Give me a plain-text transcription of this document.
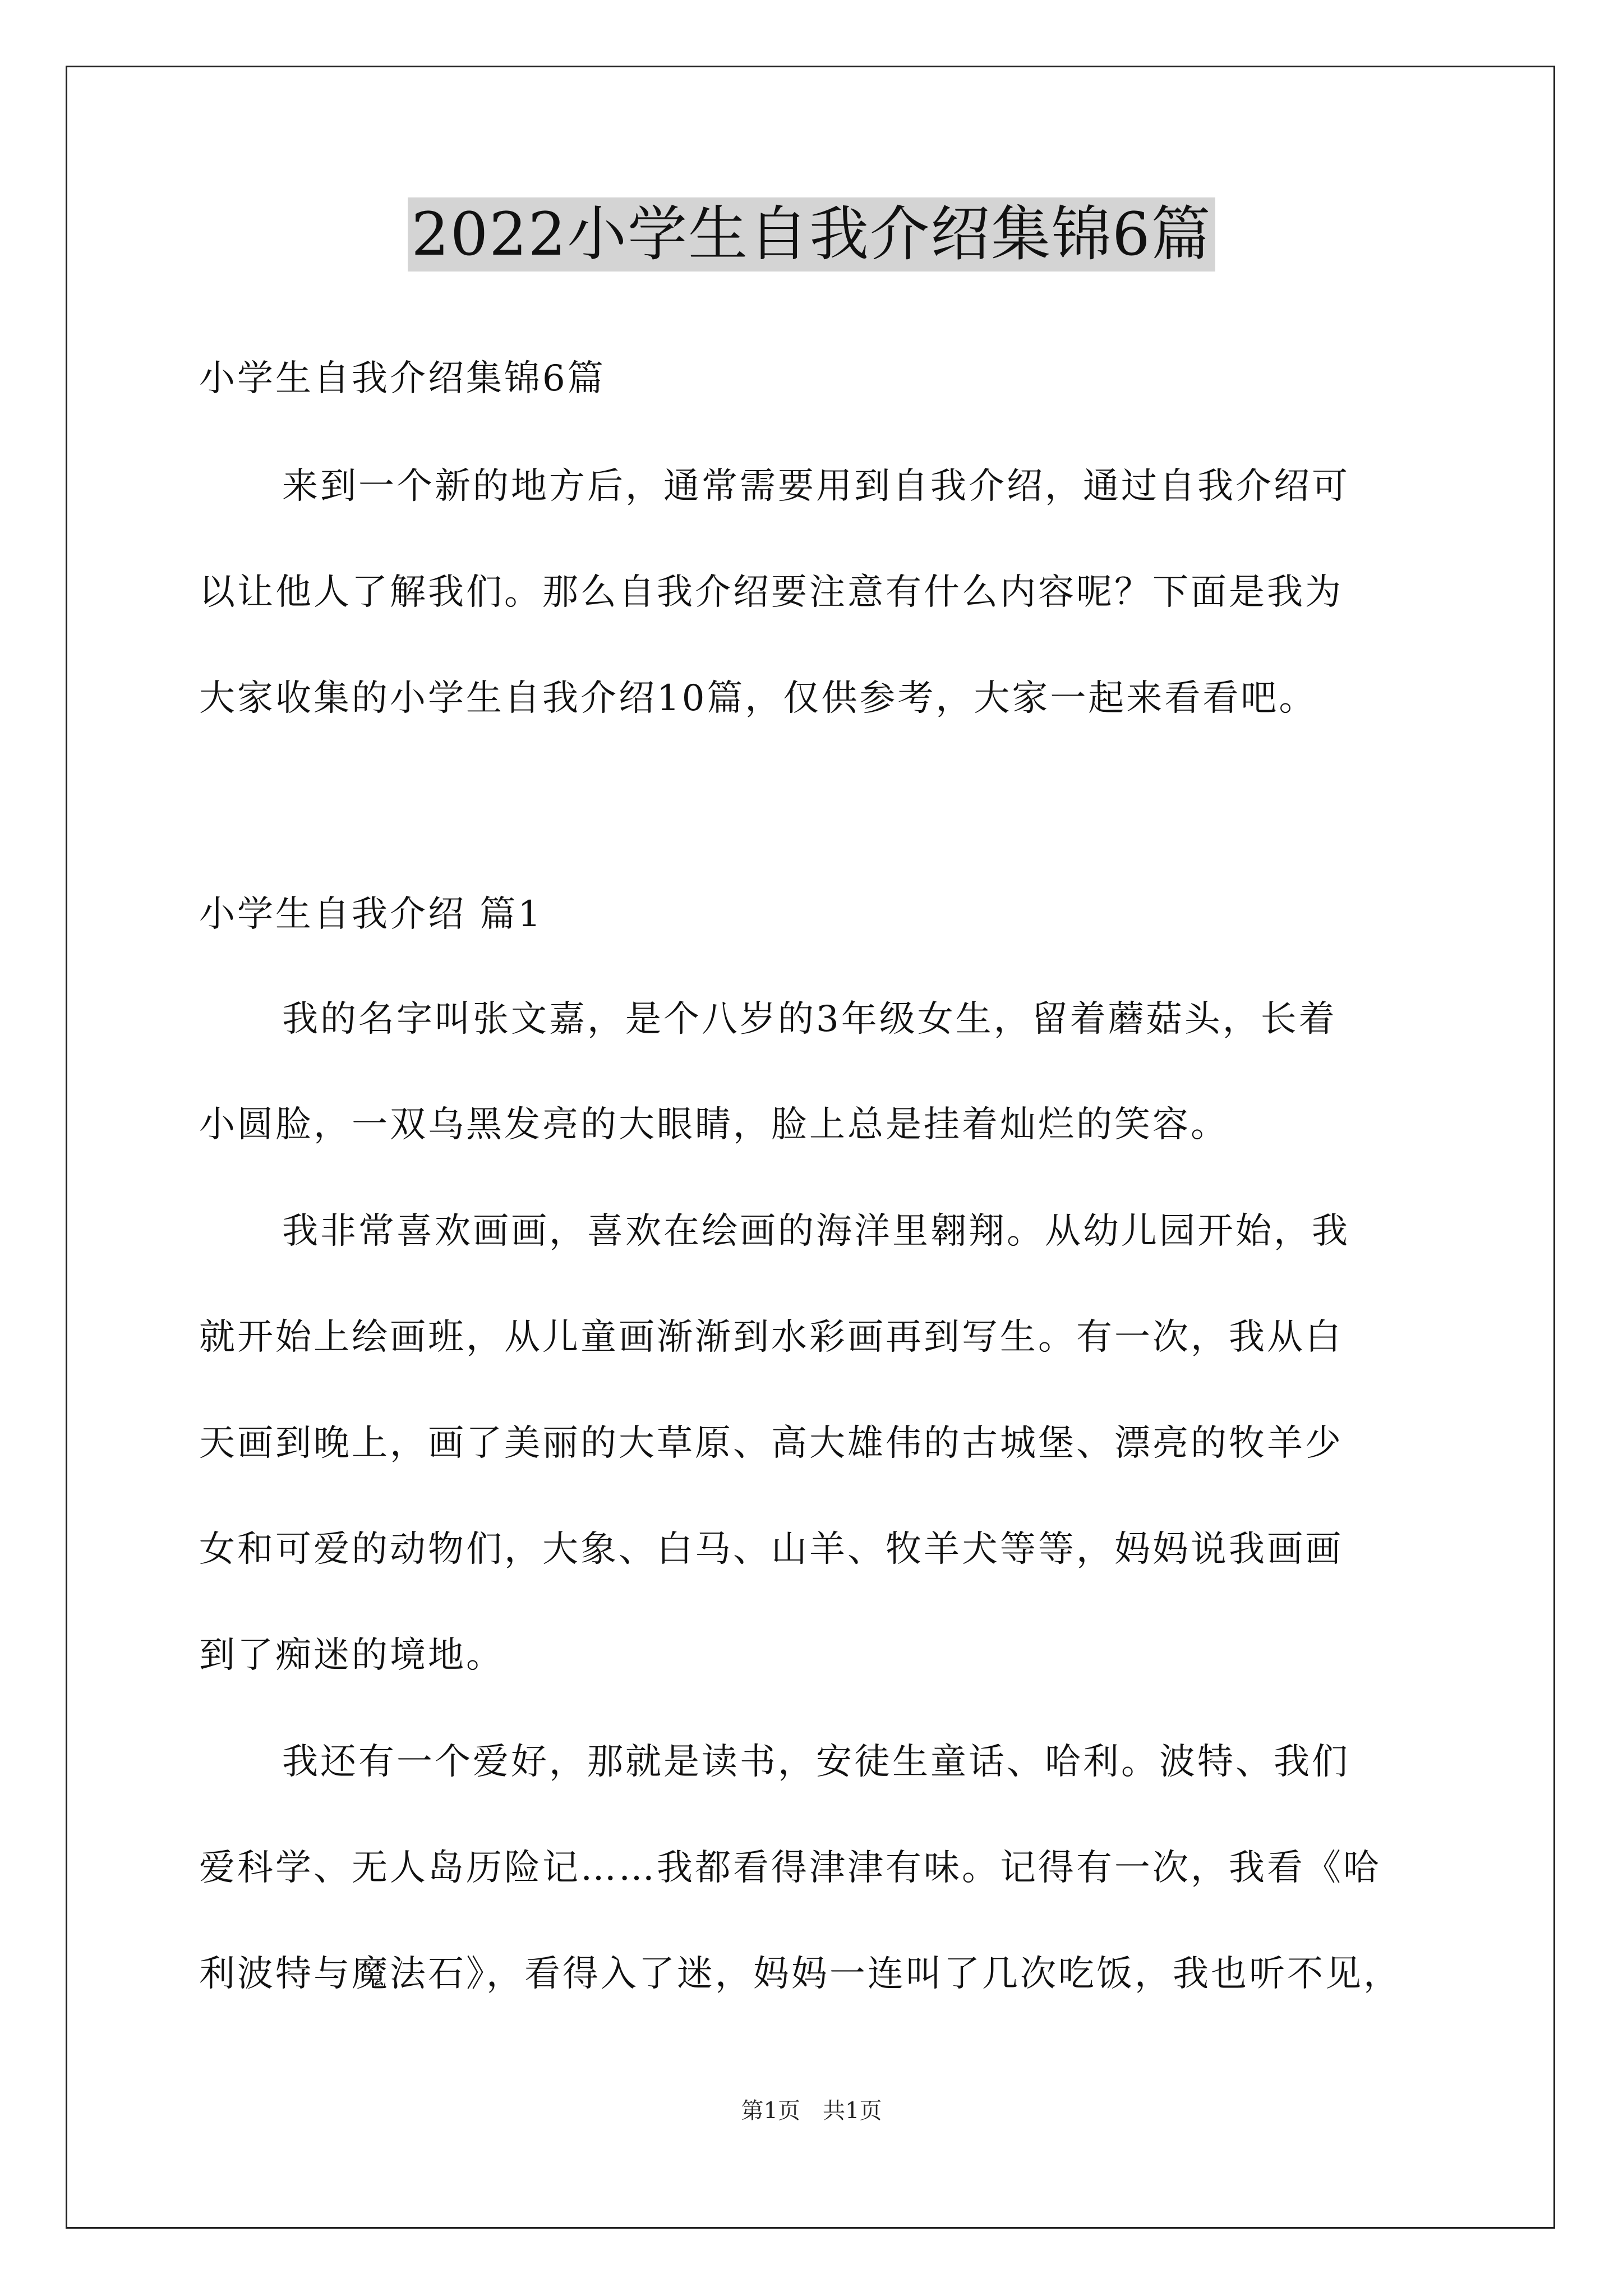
2022小学生自我介绍集锦6篇
小学生自我介绍集锦6篇
来到一个新的地方后，通常需要用到自我介绍，通过自我介绍可
以让他人了解我们。那么自我介绍要注意有什么内容呢？下面是我为
大家收集的小学生自我介绍10篇，仅供参考，大家一起来看看吧。
小学生自我介绍 篇1
我的名字叫张文嘉，是个八岁的3年级女生，留着蘑菇头，长着
小圆脸，一双乌黑发亮的大眼睛，脸上总是挂着灿烂的笑容。
我非常喜欢画画，喜欢在绘画的海洋里翱翔。从幼儿园开始，我
就开始上绘画班，从儿童画渐渐到水彩画再到写生。有一次，我从白
天画到晚上，画了美丽的大草原、高大雄伟的古城堡、漂亮的牧羊少
女和可爱的动物们，大象、白马、山羊、牧羊犬等等，妈妈说我画画
到了痴迷的境地。
我还有一个爱好，那就是读书，安徒生童话、哈利。波特、我们
爱科学、无人岛历险记……我都看得津津有味。记得有一次，我看《哈
利波特与魔法石》，看得入了迷，妈妈一连叫了几次吃饭，我也听不见，
第1页　共1页
